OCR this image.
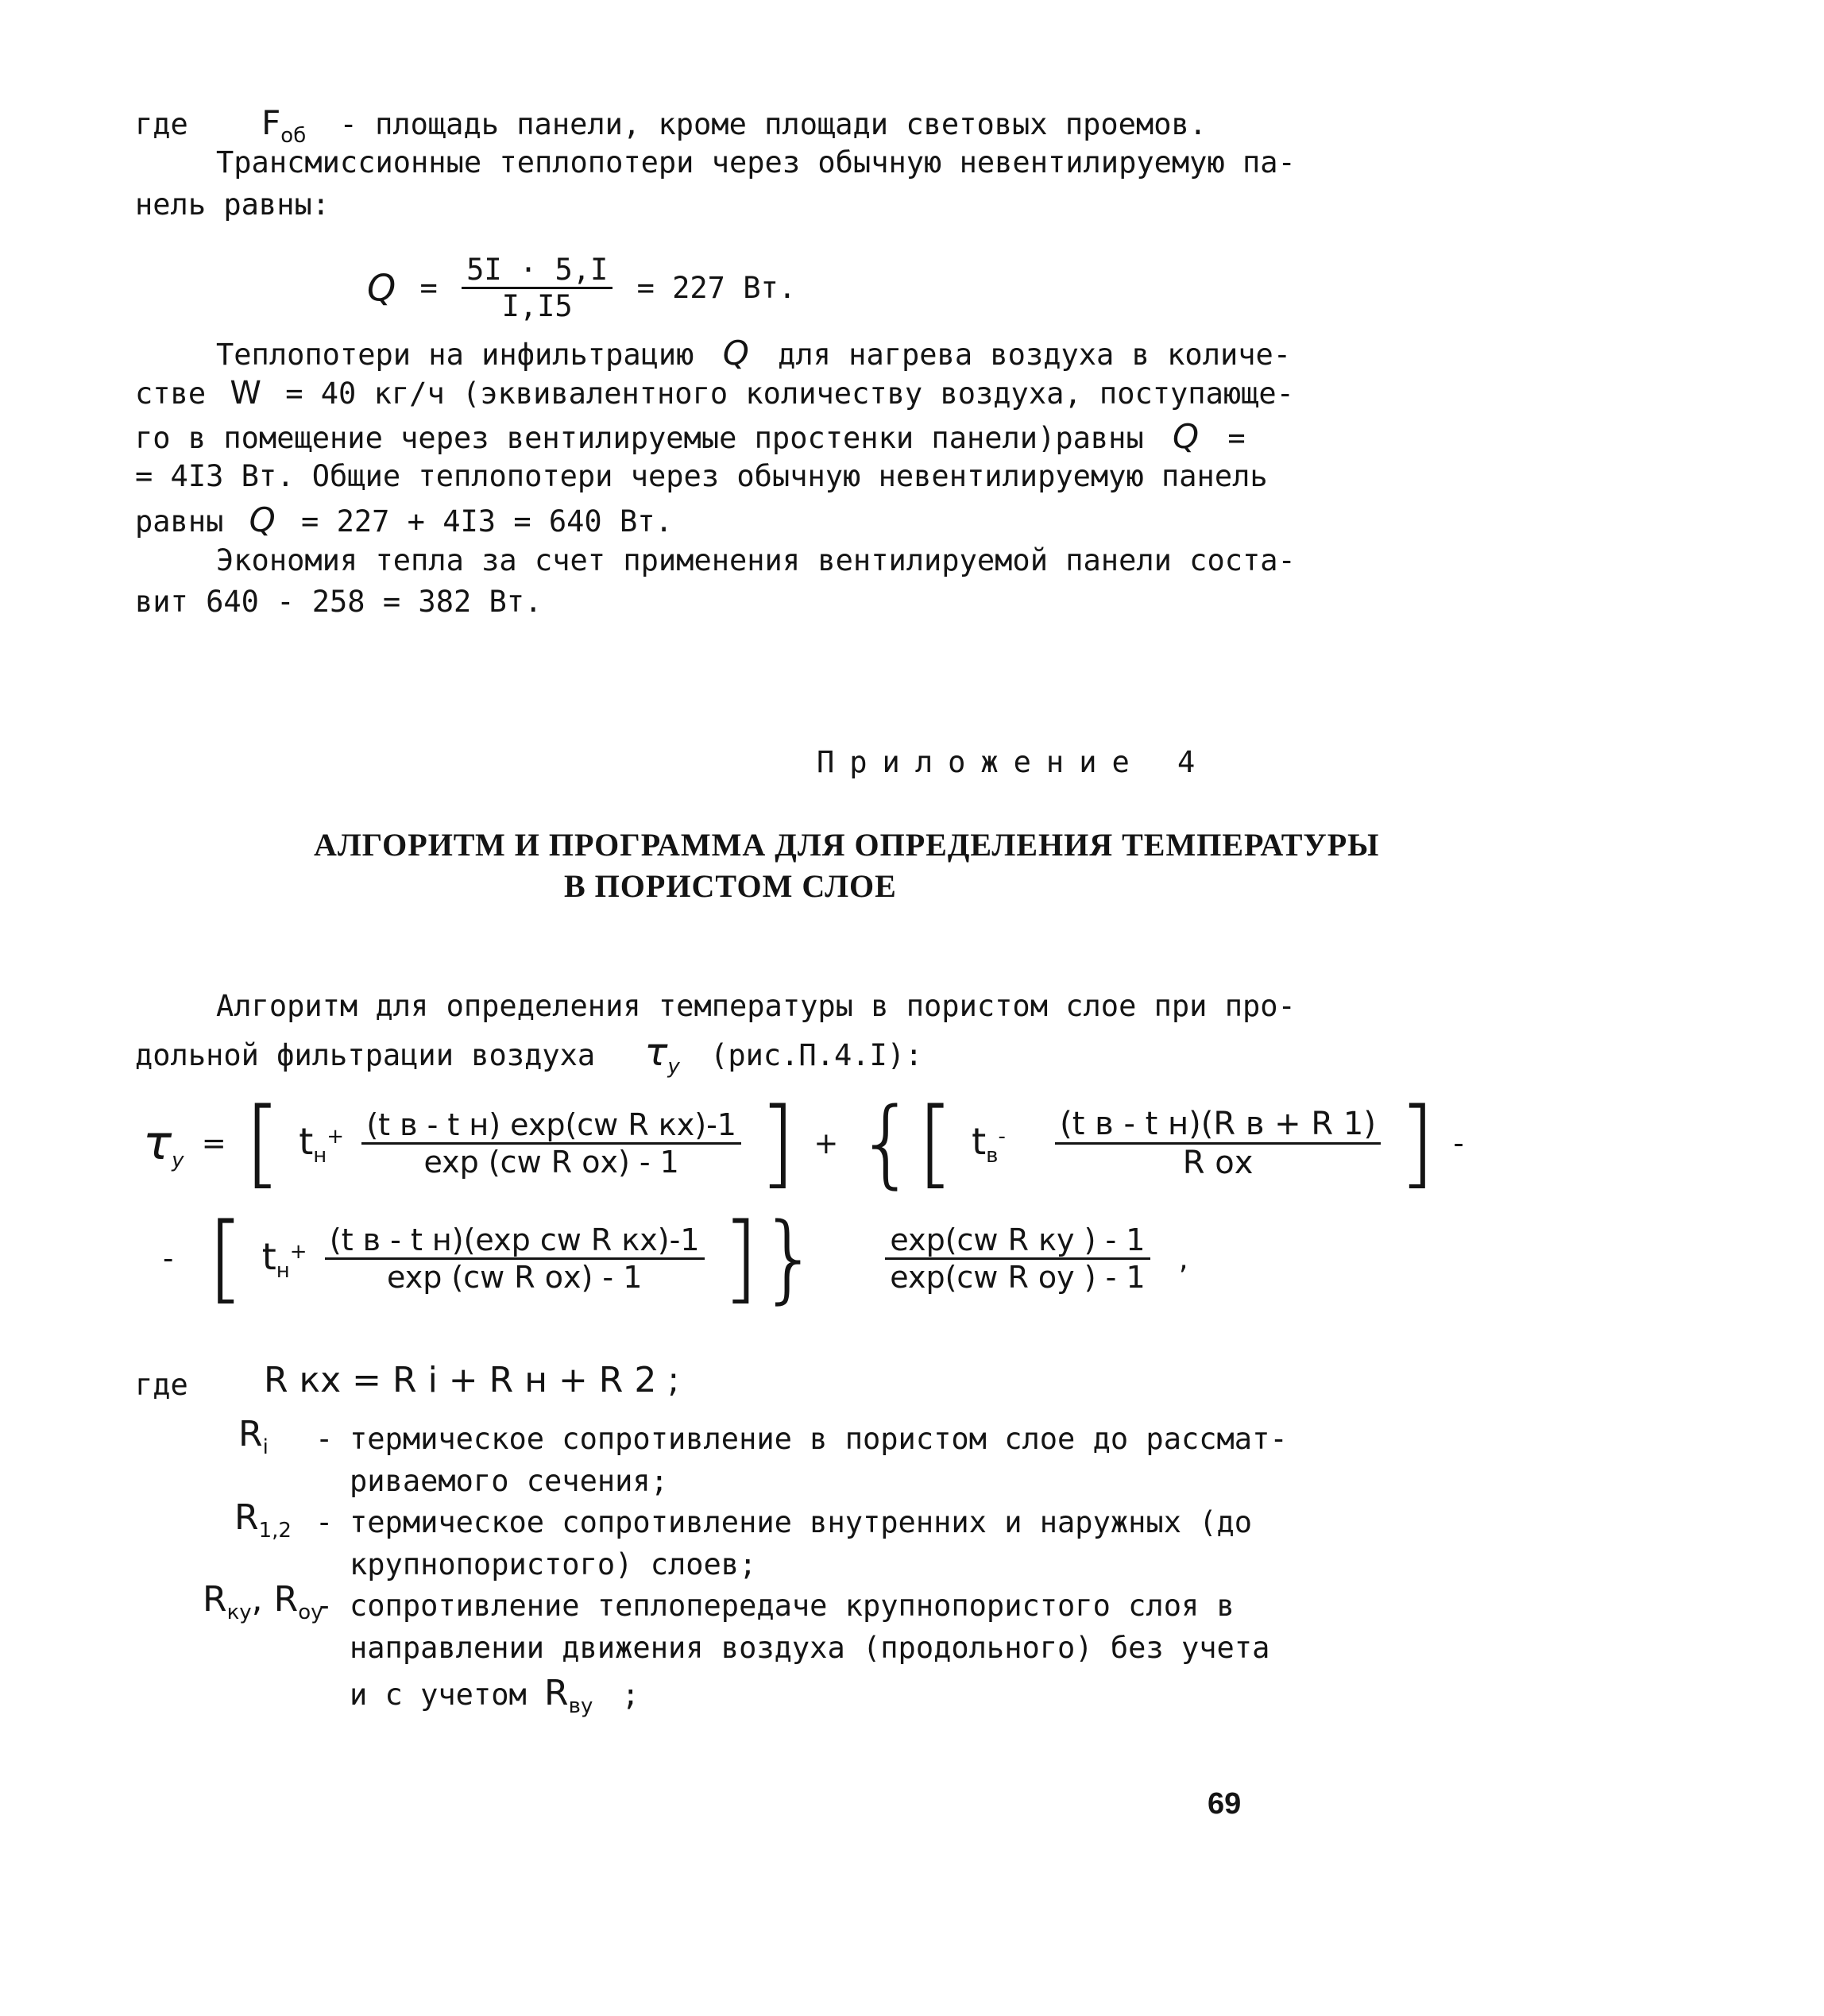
где $F_{об}$ - площадь панели, кроме площади световых проемов.
Трансмиссионные теплопотери через обычную невентилируемую па-
нель равны:
$Q = \frac{5I \cdot 5,I}{I,I5} = 227$ Вт.
Теплопотери на инфильтрацию Q для нагрева воздуха в количе-
стве W = 40 кг/ч (эквивалентного количеству воздуха, поступающе-
го в помещение через вентилируемые простенки панели)равны Q =
= 4I3 Вт. Общие теплопотери через обычную невентилируемую панель
равны Q = 227 + 4I3 = 640 Вт.
Экономия тепла за счет применения вентилируемой панели соста-
вит 640 - 258 = 382 Вт.
Приложение 4
АЛГОРИТМ И ПРОГРАММА ДЛЯ ОПРЕДЕЛЕНИЯ ТЕМПЕРАТУРЫ
В ПОРИСТОМ СЛОЕ
Алгоритм для определения температуры в пористом слое при про-
дольной фильтрации воздуха $\tau_у$ (рис.П.4.I):
$\tau_у$ = [ $t_н^+ \frac{\text{(t в - t н) exp(cw R кх)-1}}{\text{exp (cw R ох) - 1}}$ ] + {[ $t_в^- \frac{\text{(t в - t н)(R в + R 1)}}{\text{R ох}}$ ] -
- [ $t_н^+ \frac{\text{(t в - t н)(exp cw R кх)-1}}{\text{exp (cw R ох) - 1}}$ ]} $\frac{\text{exp(cw R ку ) - 1}}{\text{exp(cw R оу ) - 1}}$ ,
где R кх = R i + R н + R 2 ;
$R_i$ - термическое сопротивление в пористом слое до рассмат-
риваемого сечения;
$R_{1,2}$ - термическое сопротивление внутренних и наружных (до
крупнопористого) слоев;
$R_{ку}$, $R_{оу}$
- сопротивление теплопередаче крупнопористого слоя в
направлении движения воздуха (продольного) без учета
и с учетом $R_{ву}$ ;
69
